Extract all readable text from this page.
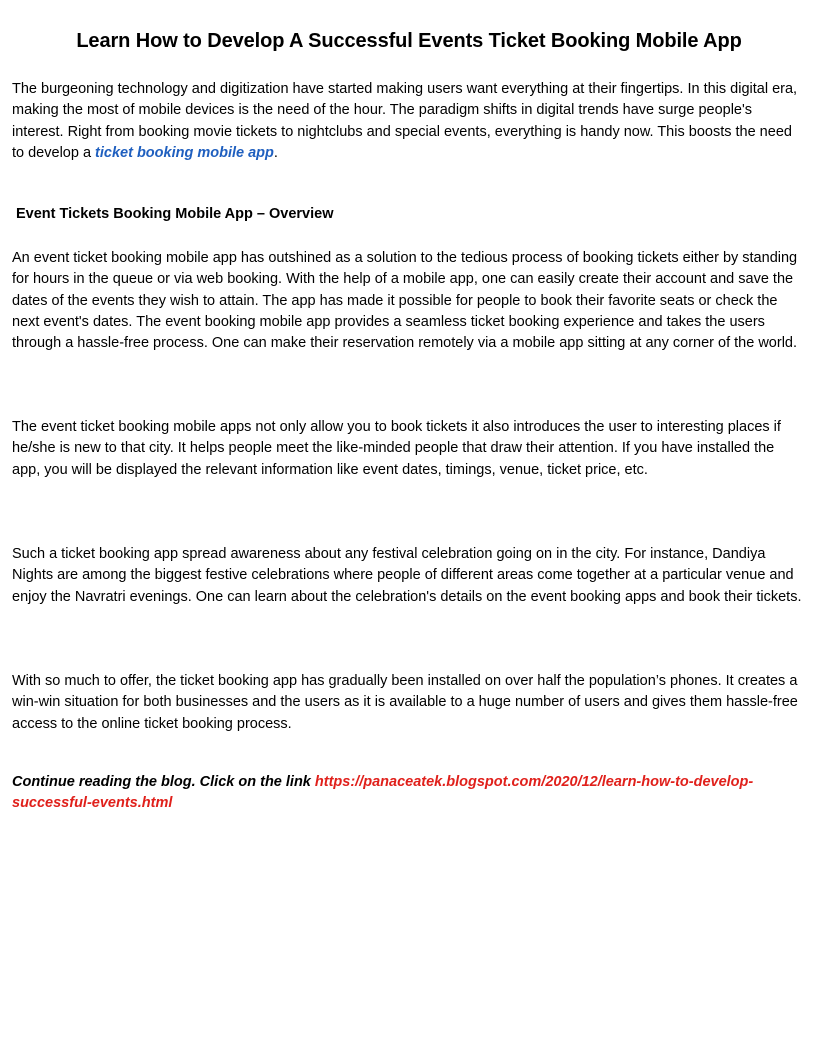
Learn How to Develop A Successful Events Ticket Booking Mobile App

The burgeoning technology and digitization have started making users want everything at their fingertips. In this digital era, making the most of mobile devices is the need of the hour. The paradigm shifts in digital trends have surge people's interest. Right from booking movie tickets to nightclubs and special events, everything is handy now. This boosts the need to develop a ticket booking mobile app.

Event Tickets Booking Mobile App – Overview

An event ticket booking mobile app has outshined as a solution to the tedious process of booking tickets either by standing for hours in the queue or via web booking. With the help of a mobile app, one can easily create their account and save the dates of the events they wish to attain. The app has made it possible for people to book their favorite seats or check the next event's dates. The event booking mobile app provides a seamless ticket booking experience and takes the users through a hassle-free process. One can make their reservation remotely via a mobile app sitting at any corner of the world.

The event ticket booking mobile apps not only allow you to book tickets it also introduces the user to interesting places if he/she is new to that city. It helps people meet the like-minded people that draw their attention. If you have installed the app, you will be displayed the relevant information like event dates, timings, venue, ticket price, etc.

Such a ticket booking app spread awareness about any festival celebration going on in the city. For instance, Dandiya Nights are among the biggest festive celebrations where people of different areas come together at a particular venue and enjoy the Navratri evenings. One can learn about the celebration's details on the event booking apps and book their tickets.

With so much to offer, the ticket booking app has gradually been installed on over half the population’s phones. It creates a win-win situation for both businesses and the users as it is available to a huge number of users and gives them hassle-free access to the online ticket booking process.

Continue reading the blog. Click on the link https://panaceatek.blogspot.com/2020/12/learn-how-to-develop-successful-events.html
